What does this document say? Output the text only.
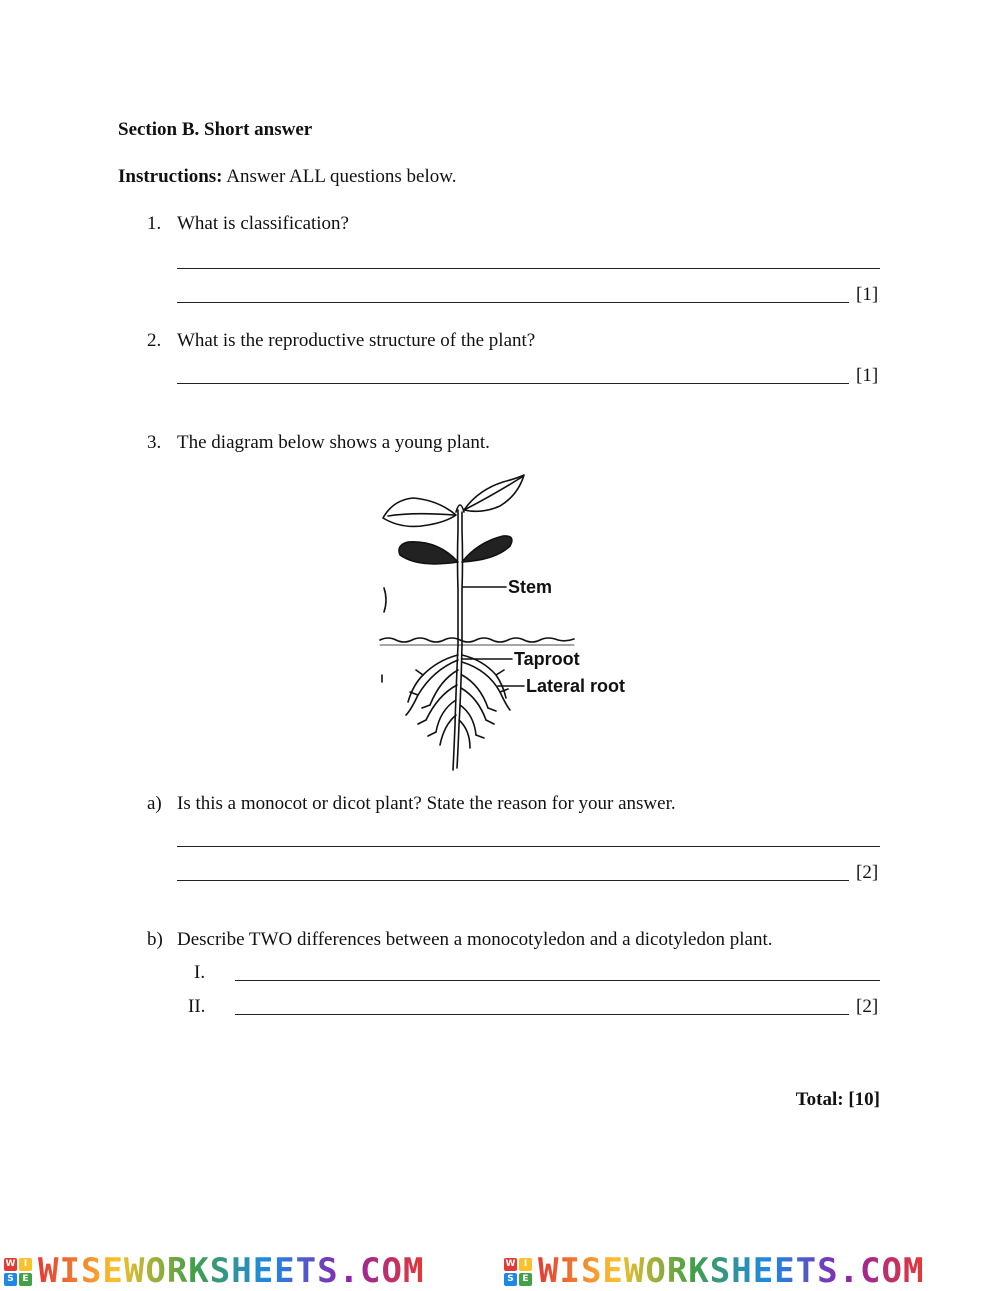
Section B. Short answer
Instructions: Answer ALL questions below.
1. What is classification?
[1]
2. What is the reproductive structure of the plant?
[1]
3. The diagram below shows a young plant.
Stem
Taproot
Lateral root
a) Is this a monocot or dicot plant? State the reason for your answer.
[2]
b) Describe TWO differences between a monocotyledon and a dicotyledon plant.
I.
II.	[2]
Total: [10]
W I
S E WISEWORKSHEETS.COM	W I
S E WISEWORKSHEETS.COM
